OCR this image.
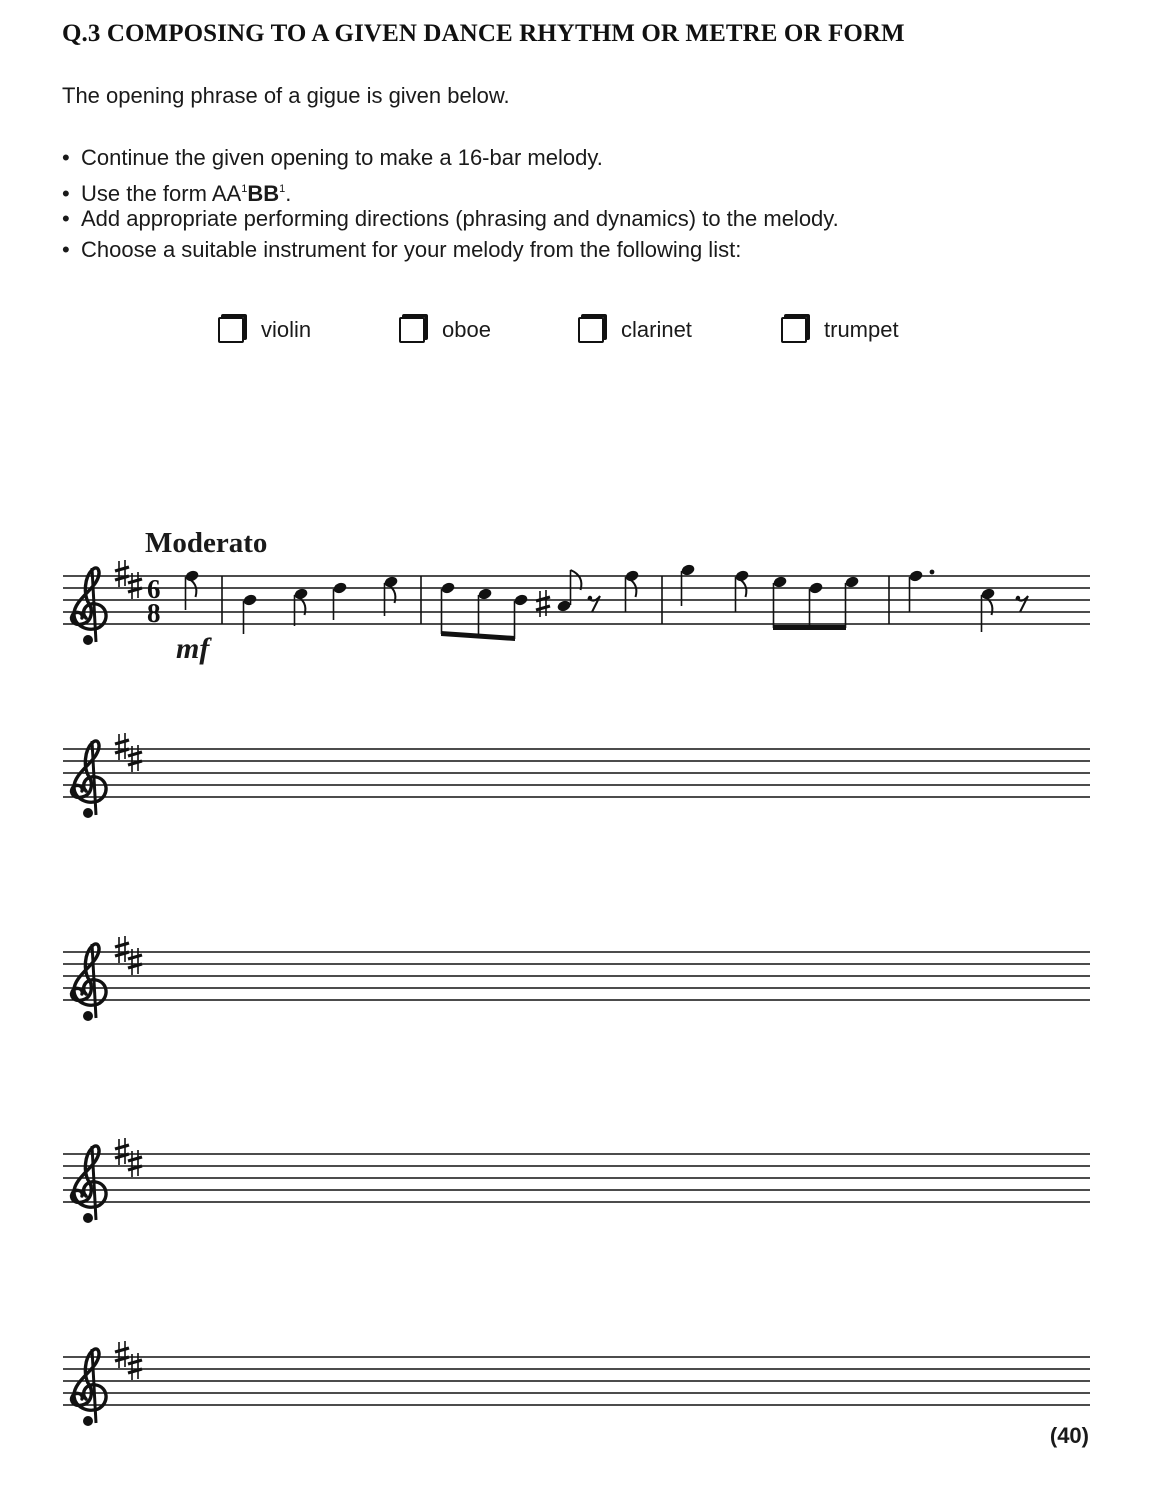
Q.3 COMPOSING TO A GIVEN DANCE RHYTHM OR METRE OR FORM
The opening phrase of a gigue is given below.
• Continue the given opening to make a 16-bar melody.
• Use the form $AA^1BB^1$.
• Add appropriate performing directions (phrasing and dynamics) to the melody.
• Choose a suitable instrument for your melody from the following list:
violin	oboe	clarinet	trumpet
Moderato
mf
6
8
(40)
